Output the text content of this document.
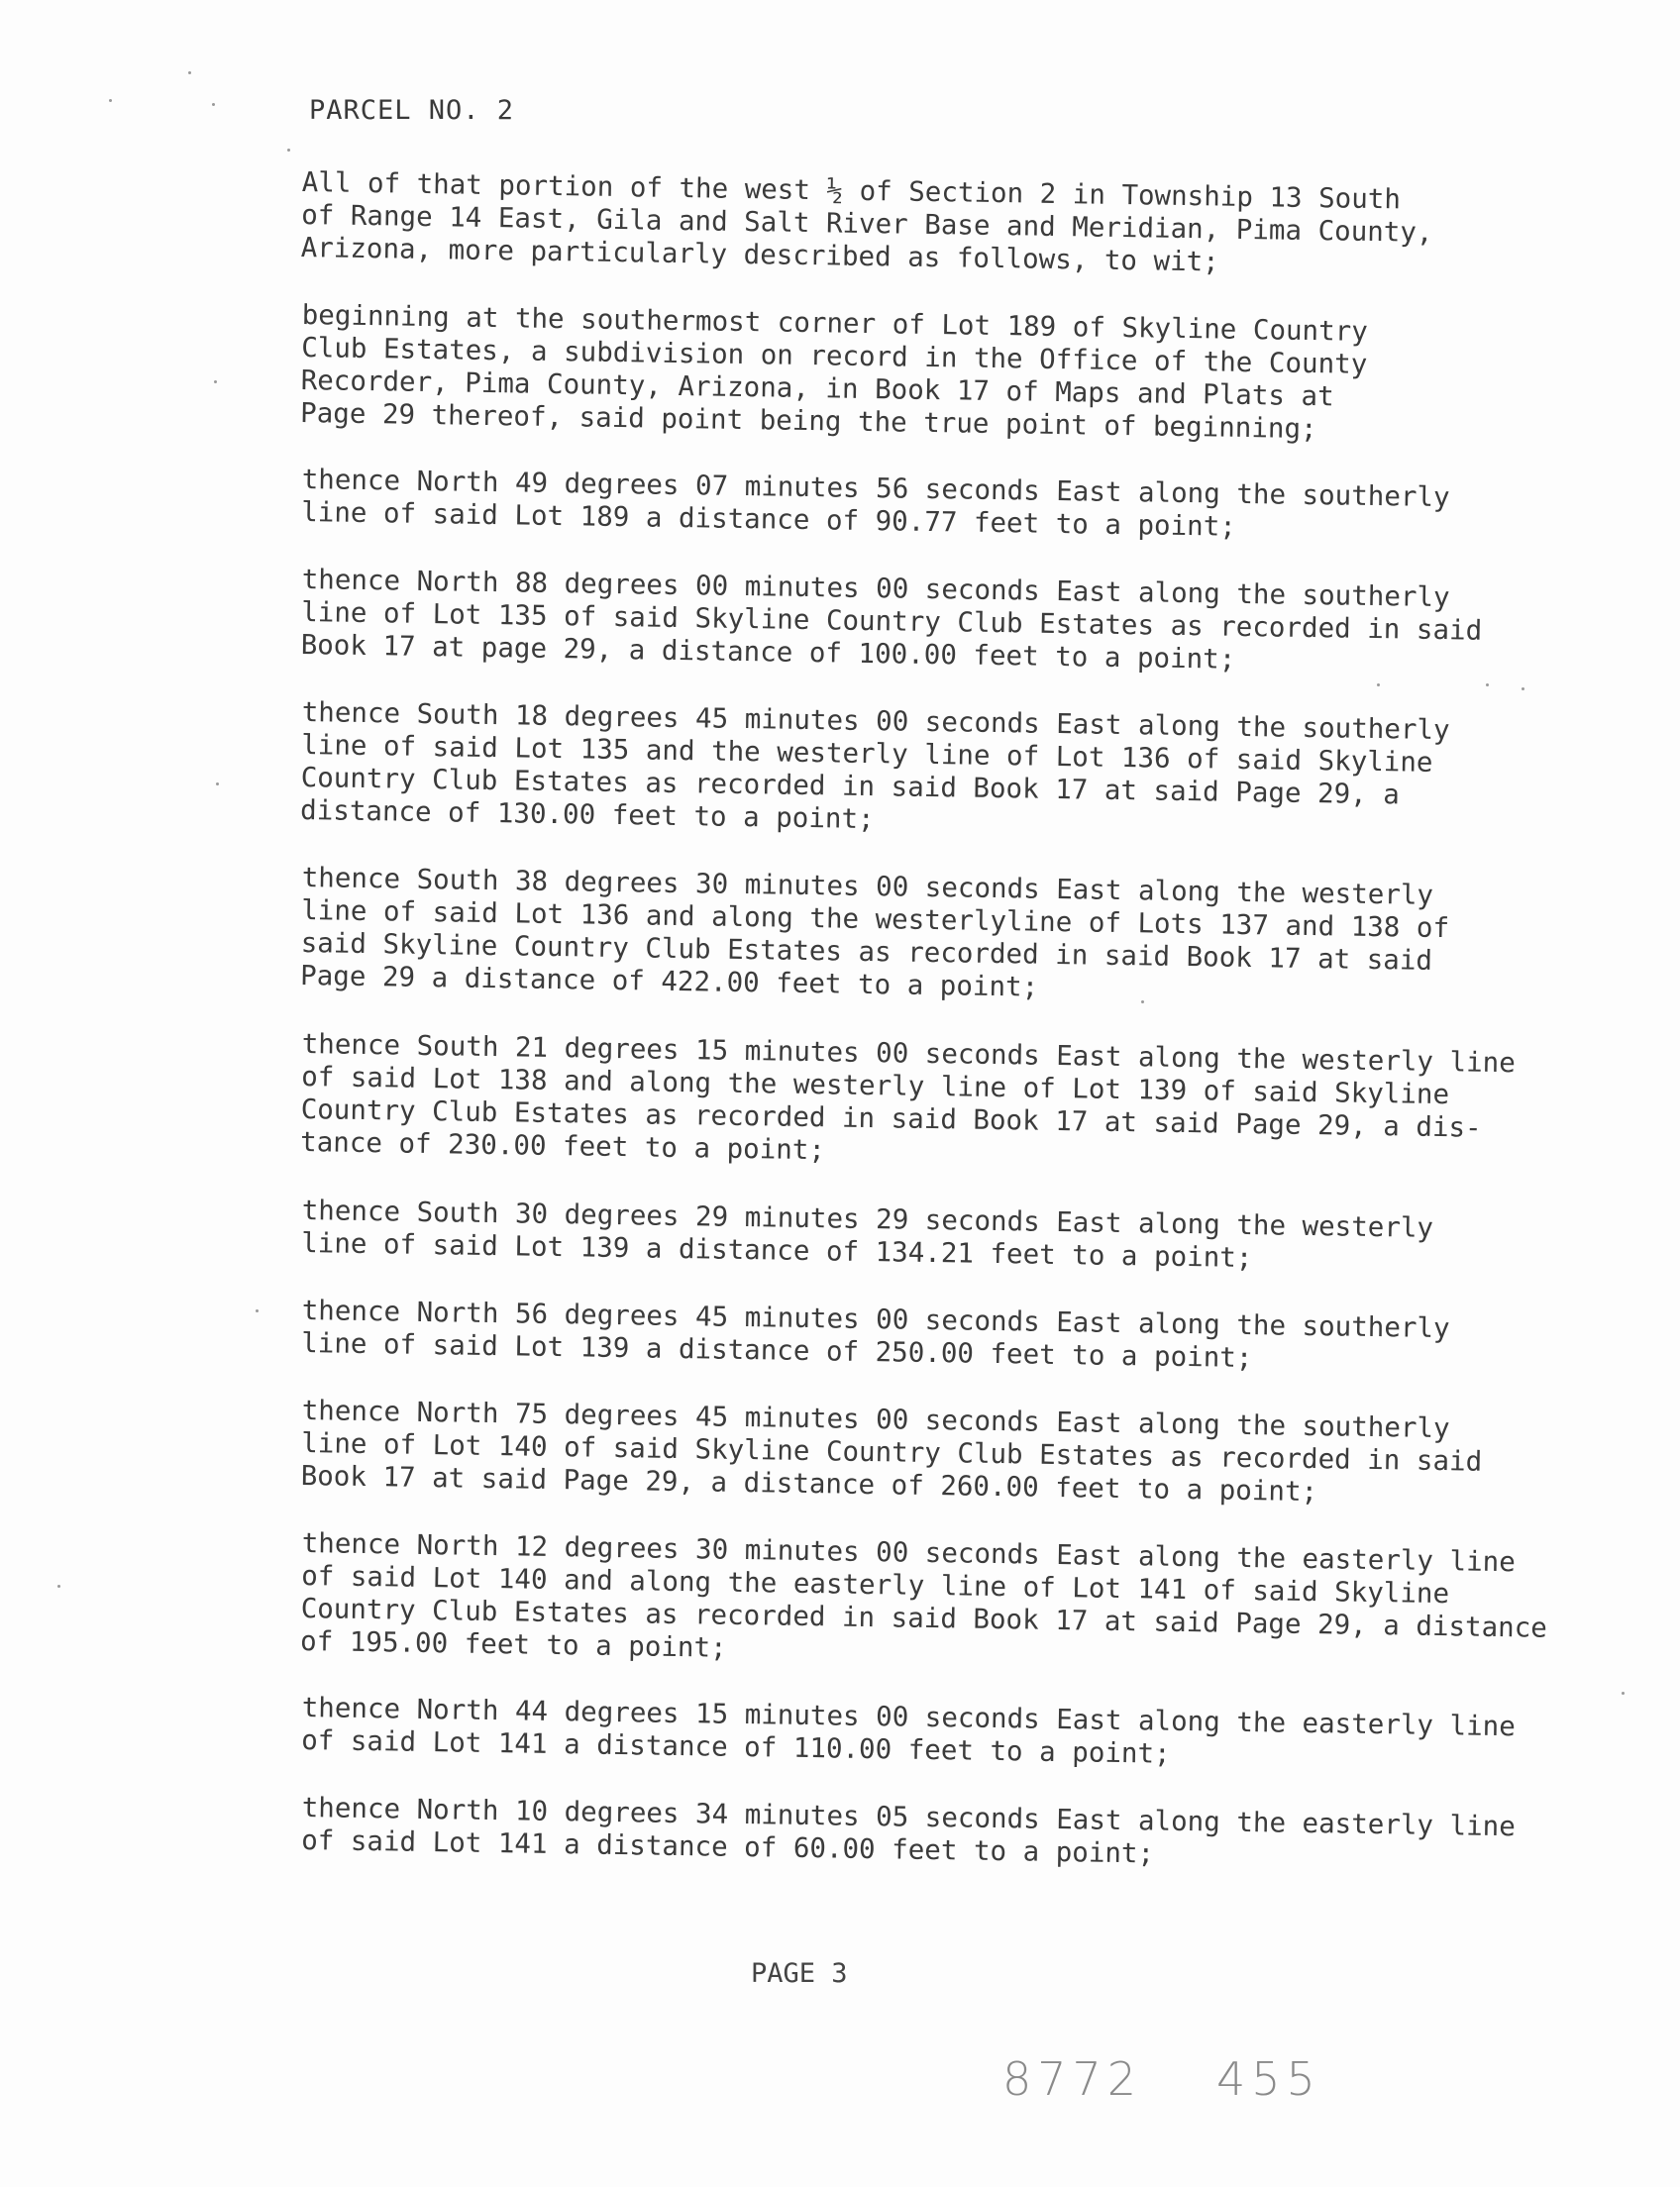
PARCEL NO. 2
All of that portion of the west ½ of Section 2 in Township 13 South
of Range 14 East, Gila and Salt River Base and Meridian, Pima County,
Arizona, more particularly described as follows, to wit;
beginning at the southermost corner of Lot 189 of Skyline Country
Club Estates, a subdivision on record in the Office of the County
Recorder, Pima County, Arizona, in Book 17 of Maps and Plats at
Page 29 thereof, said point being the true point of beginning;
thence North 49 degrees 07 minutes 56 seconds East along the southerly
line of said Lot 189 a distance of 90.77 feet to a point;
thence North 88 degrees 00 minutes 00 seconds East along the southerly
line of Lot 135 of said Skyline Country Club Estates as recorded in said
Book 17 at page 29, a distance of 100.00 feet to a point;
thence South 18 degrees 45 minutes 00 seconds East along the southerly
line of said Lot 135 and the westerly line of Lot 136 of said Skyline
Country Club Estates as recorded in said Book 17 at said Page 29, a
distance of 130.00 feet to a point;
thence South 38 degrees 30 minutes 00 seconds East along the westerly
line of said Lot 136 and along the westerlyline of Lots 137 and 138 of
said Skyline Country Club Estates as recorded in said Book 17 at said
Page 29 a distance of 422.00 feet to a point;
thence South 21 degrees 15 minutes 00 seconds East along the westerly line
of said Lot 138 and along the westerly line of Lot 139 of said Skyline
Country Club Estates as recorded in said Book 17 at said Page 29, a dis-
tance of 230.00 feet to a point;
thence South 30 degrees 29 minutes 29 seconds East along the westerly
line of said Lot 139 a distance of 134.21 feet to a point;
thence North 56 degrees 45 minutes 00 seconds East along the southerly
line of said Lot 139 a distance of 250.00 feet to a point;
thence North 75 degrees 45 minutes 00 seconds East along the southerly
line of Lot 140 of said Skyline Country Club Estates as recorded in said
Book 17 at said Page 29, a distance of 260.00 feet to a point;
thence North 12 degrees 30 minutes 00 seconds East along the easterly line
of said Lot 140 and along the easterly line of Lot 141 of said Skyline
Country Club Estates as recorded in said Book 17 at said Page 29, a distance
of 195.00 feet to a point;
thence North 44 degrees 15 minutes 00 seconds East along the easterly line
of said Lot 141 a distance of 110.00 feet to a point;
thence North 10 degrees 34 minutes 05 seconds East along the easterly line
of said Lot 141 a distance of 60.00 feet to a point;
PAGE 3
8772 455
